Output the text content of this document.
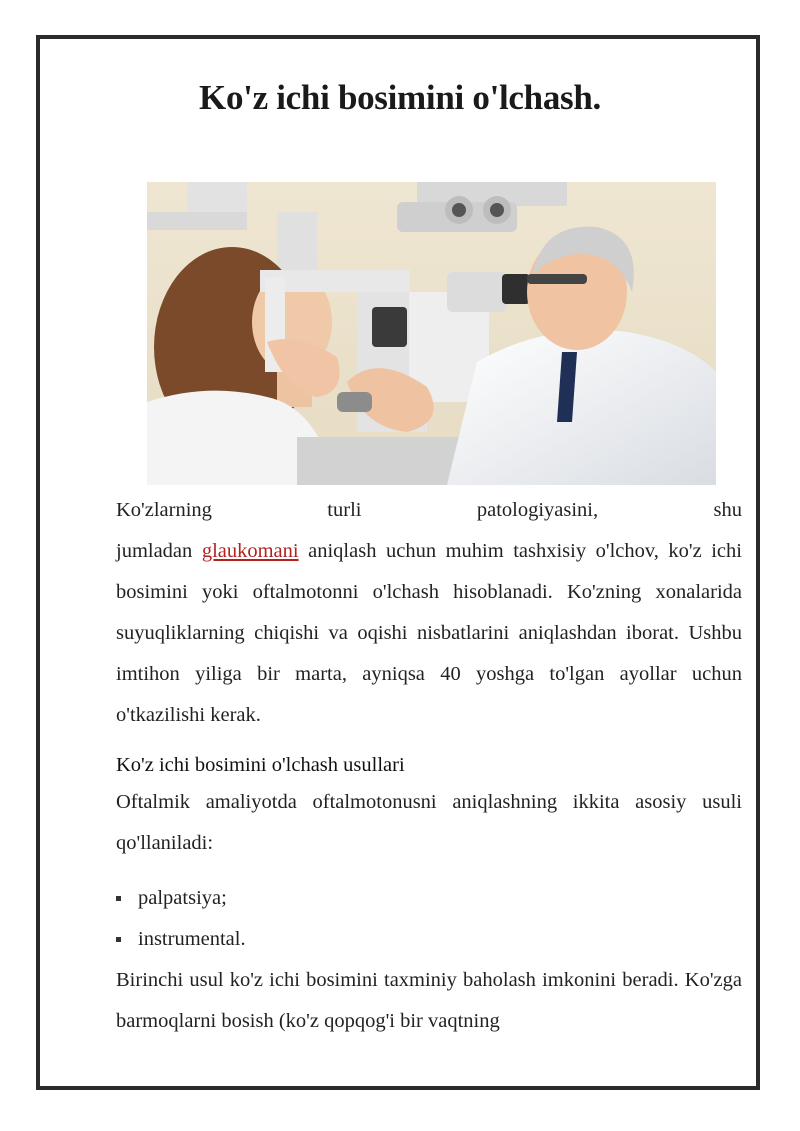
Ko'z ichi bosimini o'lchash.

Ko'zlarning	turli	patologiyasini,	shu
jumladan glaukomani aniqlash uchun muhim tashxisiy o'lchov, ko'z ichi bosimini yoki oftalmotonni o'lchash hisoblanadi. Ko'zning xonalarida suyuqliklarning chiqishi va oqishi nisbatlarini aniqlashdan iborat. Ushbu imtihon yiligа bir marta, ayniqsa 40 yoshga to'lgan ayollar uchun o'tkazilishi kerak.

Ko'z ichi bosimini o'lchash usullari

Oftalmik amaliyotda oftalmotonusni aniqlashning ikkita asosiy usuli qo'llaniladi:

palpatsiya;
instrumental.

Birinchi usul ko'z ichi bosimini taxminiy baholash imkonini beradi. Ko'zga barmoqlarni bosish (ko'z qopqog'i bir vaqtning
